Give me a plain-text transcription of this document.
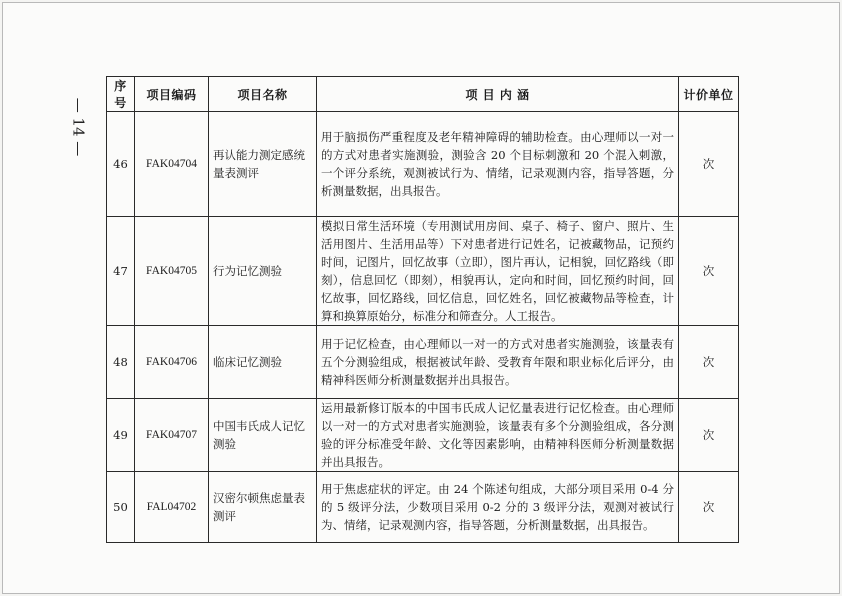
— 14 —
序号	项目编码	项目名称	项 目 内 涵	计价单位
46	FAK04704	再认能力测定感统量表测评	用于脑损伤严重程度及老年精神障碍的辅助检查。由心理师以一对一的方式对患者实施测验，测验含 20 个目标刺激和 20 个混入刺激，一个评分系统，观测被试行为、情绪，记录观测内容，指导答题，分析测量数据，出具报告。	次
47	FAK04705	行为记忆测验	模拟日常生活环境（专用测试用房间、桌子、椅子、窗户、照片、生活用图片、生活用品等）下对患者进行记姓名，记被藏物品，记预约时间，记图片，回忆故事（立即），图片再认，记相貌，回忆路线（即刻），信息回忆（即刻），相貌再认，定向和时间，回忆预约时间，回忆故事，回忆路线，回忆信息，回忆姓名，回忆被藏物品等检查，计算和换算原始分，标准分和筛查分。人工报告。	次
48	FAK04706	临床记忆测验	用于记忆检查，由心理师以一对一的方式对患者实施测验，该量表有五个分测验组成，根据被试年龄、受教育年限和职业标化后评分，由精神科医师分析测量数据并出具报告。	次
49	FAK04707	中国韦氏成人记忆测验	运用最新修订版本的中国韦氏成人记忆量表进行记忆检查。由心理师以一对一的方式对患者实施测验，该量表有多个分测验组成，各分测验的评分标准受年龄、文化等因素影响，由精神科医师分析测量数据并出具报告。	次
50	FAL04702	汉密尔顿焦虑量表测评	用于焦虑症状的评定。由 24 个陈述句组成，大部分项目采用 0-4 分的 5 级评分法，少数项目采用 0-2 分的 3 级评分法，观测对被试行为、情绪，记录观测内容，指导答题，分析测量数据，出具报告。	次
